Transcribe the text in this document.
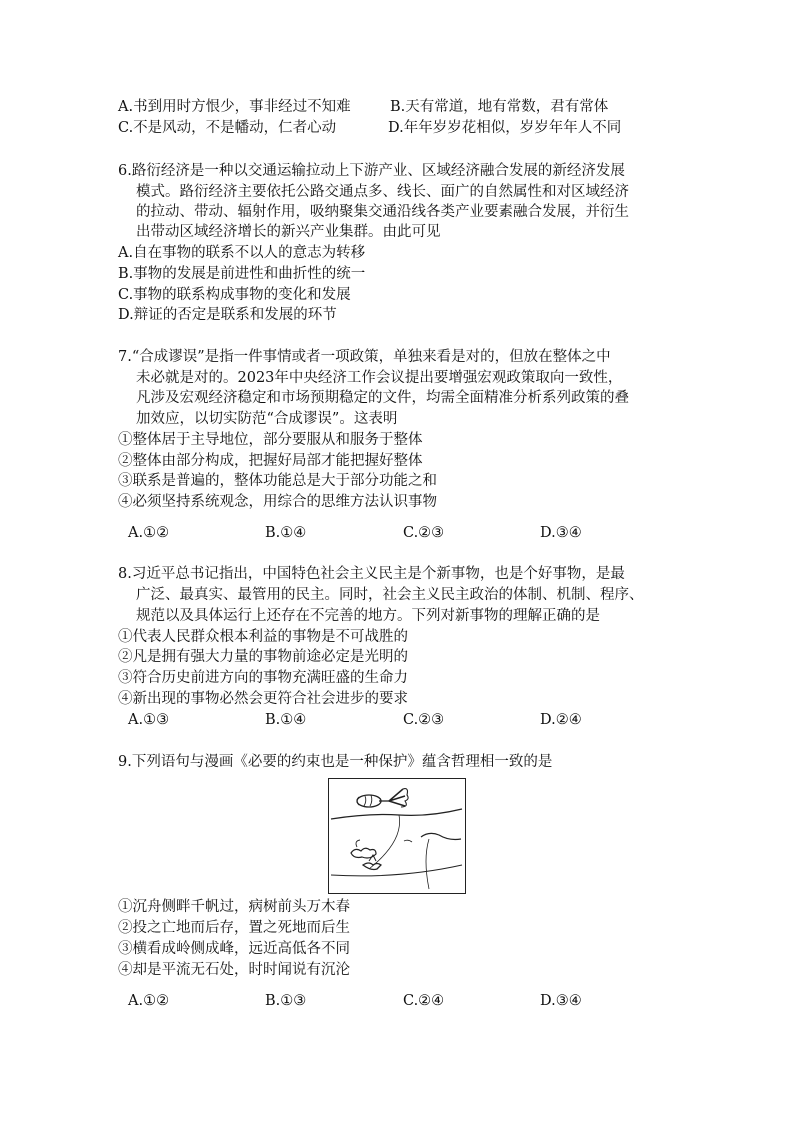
A.书到用时方恨少，事非经过不知难	B.天有常道，地有常数，君有常体
C.不是风动，不是幡动，仁者心动	D.年年岁岁花相似，岁岁年年人不同
6.路衍经济是一种以交通运输拉动上下游产业、区域经济融合发展的新经济发展
模式。路衍经济主要依托公路交通点多、线长、面广的自然属性和对区域经济
的拉动、带动、辐射作用，吸纳聚集交通沿线各类产业要素融合发展，并衍生
出带动区域经济增长的新兴产业集群。由此可见
A.自在事物的联系不以人的意志为转移
B.事物的发展是前进性和曲折性的统一
C.事物的联系构成事物的变化和发展
D.辩证的否定是联系和发展的环节
7.“合成谬误”是指一件事情或者一项政策，单独来看是对的，但放在整体之中
未必就是对的。2023年中央经济工作会议提出要增强宏观政策取向一致性，
凡涉及宏观经济稳定和市场预期稳定的文件，均需全面精准分析系列政策的叠
加效应，以切实防范“合成谬误”。这表明
①整体居于主导地位，部分要服从和服务于整体
②整体由部分构成，把握好局部才能把握好整体
③联系是普遍的，整体功能总是大于部分功能之和
④必须坚持系统观念，用综合的思维方法认识事物
A.①②	B.①④	C.②③	D.③④
8.习近平总书记指出，中国特色社会主义民主是个新事物，也是个好事物，是最
广泛、最真实、最管用的民主。同时，社会主义民主政治的体制、机制、程序、
规范以及具体运行上还存在不完善的地方。下列对新事物的理解正确的是
①代表人民群众根本利益的事物是不可战胜的
②凡是拥有强大力量的事物前途必定是光明的
③符合历史前进方向的事物充满旺盛的生命力
④新出现的事物必然会更符合社会进步的要求
A.①③	B.①④	C.②③	D.②④
9.下列语句与漫画《必要的约束也是一种保护》蕴含哲理相一致的是
①沉舟侧畔千帆过，病树前头万木春
②投之亡地而后存，置之死地而后生
③横看成岭侧成峰，远近高低各不同
④却是平流无石处，时时闻说有沉沦
A.①②	B.①③	C.②④	D.③④
